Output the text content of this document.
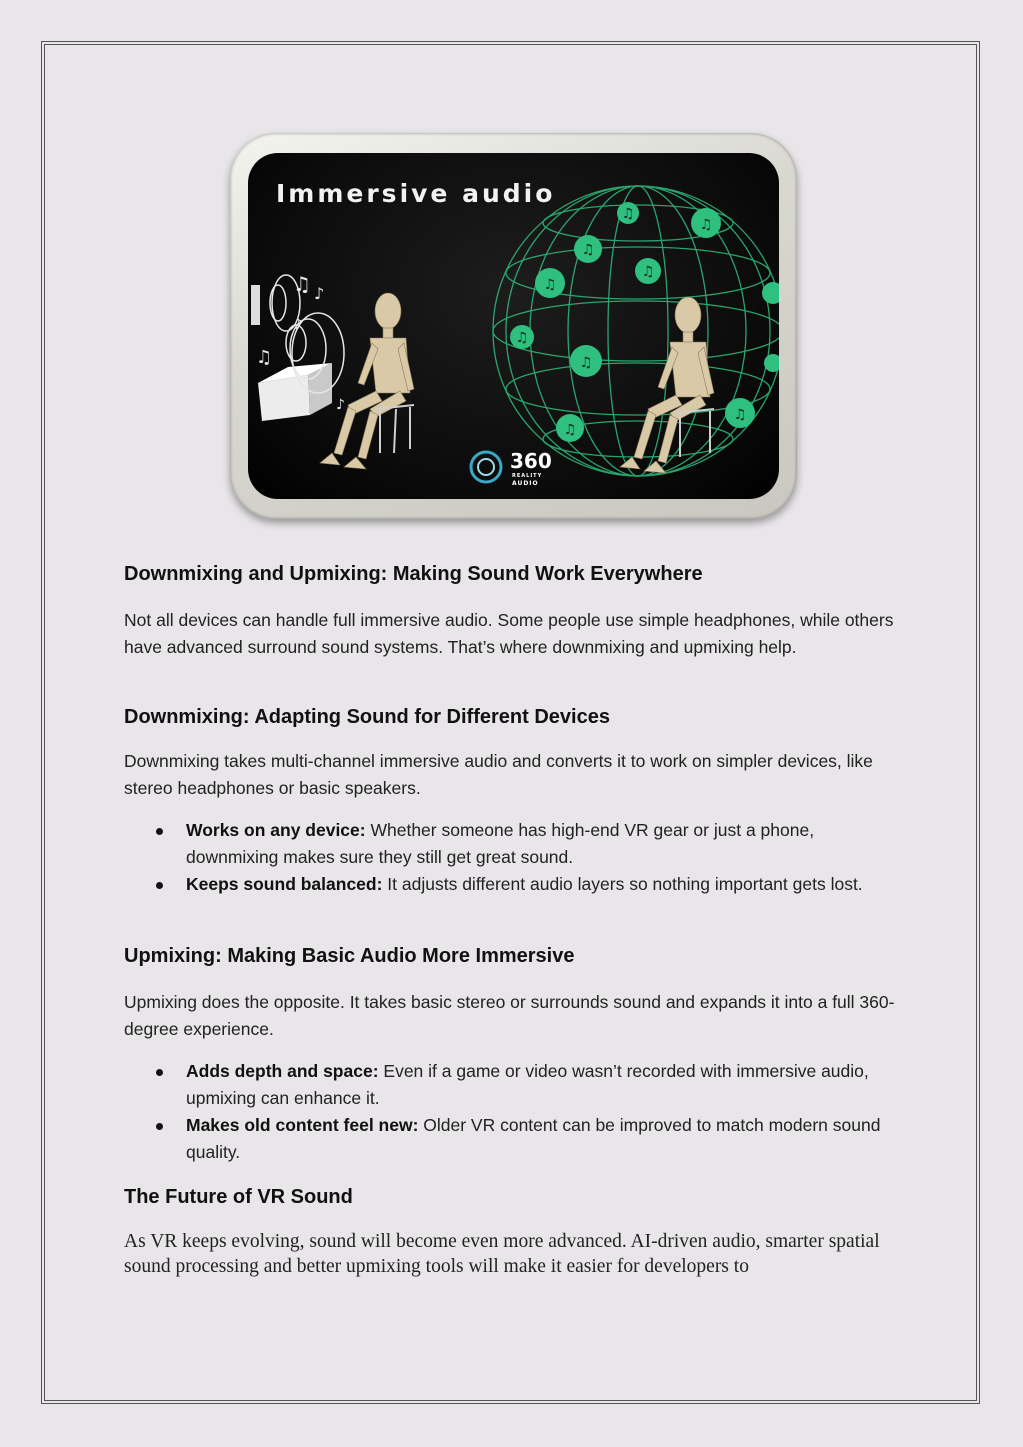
♫
♫
♫
♫
♫
♫
♫
♫
♫
♫ ♪
♪
♫
♪
Immersive audio
360
REALITY
AUDIO
Downmixing and Upmixing: Making Sound Work Everywhere

Not all devices can handle full immersive audio. Some people use simple headphones, while others have advanced surround sound systems. That’s where downmixing and upmixing help.

Downmixing: Adapting Sound for Different Devices

Downmixing takes multi-channel immersive audio and converts it to work on simpler devices, like stereo headphones or basic speakers.

Works on any device: Whether someone has high-end VR gear or just a phone, downmixing makes sure they still get great sound.
Keeps sound balanced: It adjusts different audio layers so nothing important gets lost.
Upmixing: Making Basic Audio More Immersive

Upmixing does the opposite. It takes basic stereo or surrounds sound and expands it into a full 360-degree experience.

Adds depth and space: Even if a game or video wasn’t recorded with immersive audio, upmixing can enhance it.
Makes old content feel new: Older VR content can be improved to match modern sound quality.
The Future of VR Sound

As VR keeps evolving, sound will become even more advanced. AI-driven audio, smarter spatial sound processing and better upmixing tools will make it easier for developers to
